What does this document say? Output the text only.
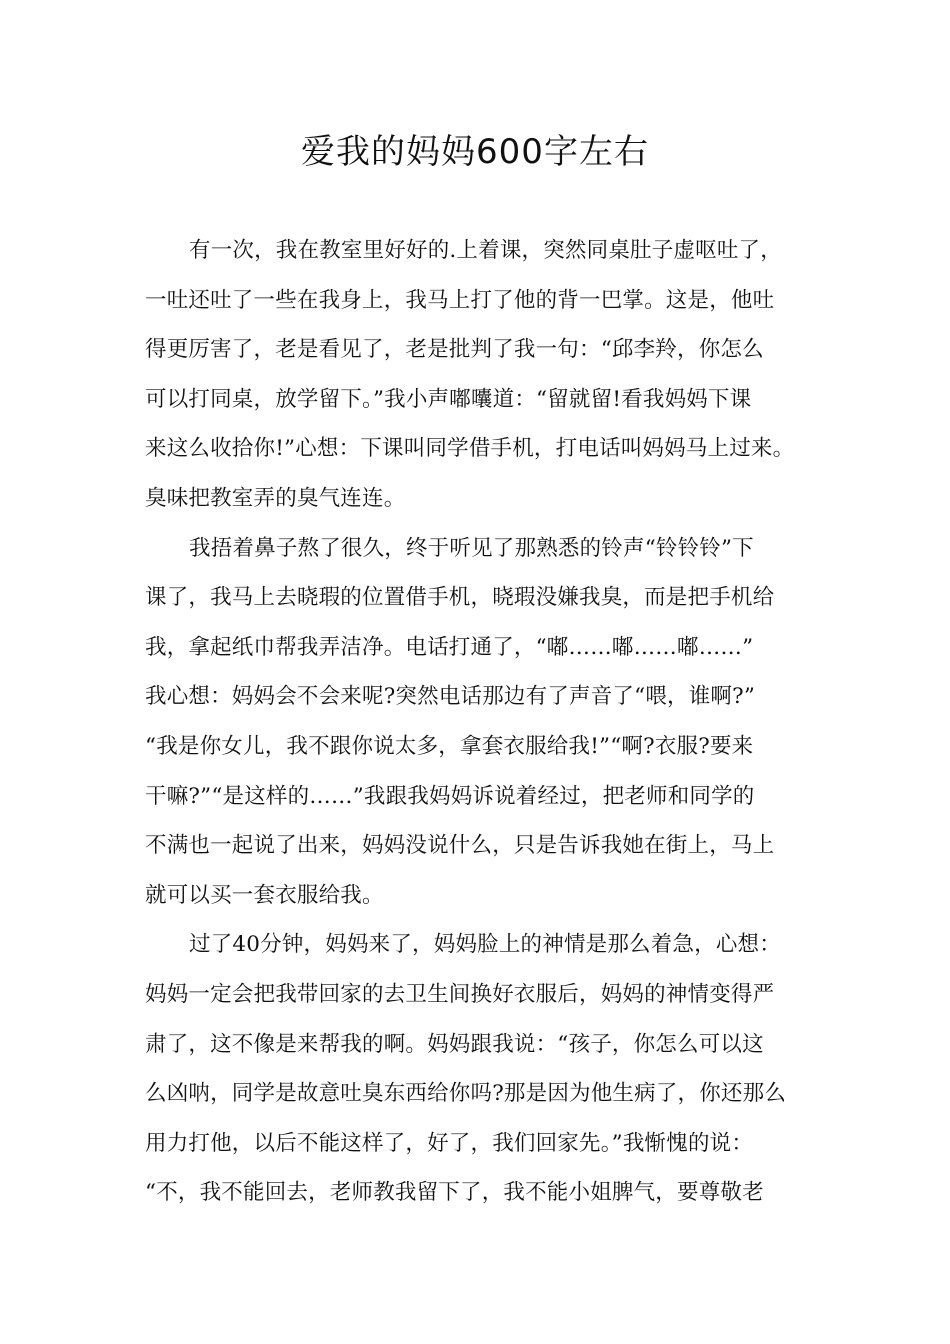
爱我的妈妈600字左右
有一次，我在教室里好好的.上着课，突然同桌肚子虚呕吐了，
一吐还吐了一些在我身上，我马上打了他的背一巴掌。这是，他吐
得更厉害了，老是看见了，老是批判了我一句：“邱李羚，你怎么
可以打同桌，放学留下。”我小声嘟囔道：“留就留!看我妈妈下课
来这么收拾你!”心想：下课叫同学借手机，打电话叫妈妈马上过来。
臭味把教室弄的臭气连连。
我捂着鼻子熬了很久，终于听见了那熟悉的铃声“铃铃铃”下
课了，我马上去晓瑕的位置借手机，晓瑕没嫌我臭，而是把手机给
我，拿起纸巾帮我弄洁净。电话打通了，“嘟……嘟……嘟……”
我心想：妈妈会不会来呢?突然电话那边有了声音了“喂，谁啊?”
“我是你女儿，我不跟你说太多，拿套衣服给我!”“啊?衣服?要来
干嘛?”“是这样的……”我跟我妈妈诉说着经过，把老师和同学的
不满也一起说了出来，妈妈没说什么，只是告诉我她在街上，马上
就可以买一套衣服给我。
过了40分钟，妈妈来了，妈妈脸上的神情是那么着急，心想：
妈妈一定会把我带回家的去卫生间换好衣服后，妈妈的神情变得严
肃了，这不像是来帮我的啊。妈妈跟我说：“孩子，你怎么可以这
么凶呐，同学是故意吐臭东西给你吗?那是因为他生病了，你还那么
用力打他，以后不能这样了，好了，我们回家先。”我惭愧的说：
“不，我不能回去，老师教我留下了，我不能小姐脾气，要尊敬老
